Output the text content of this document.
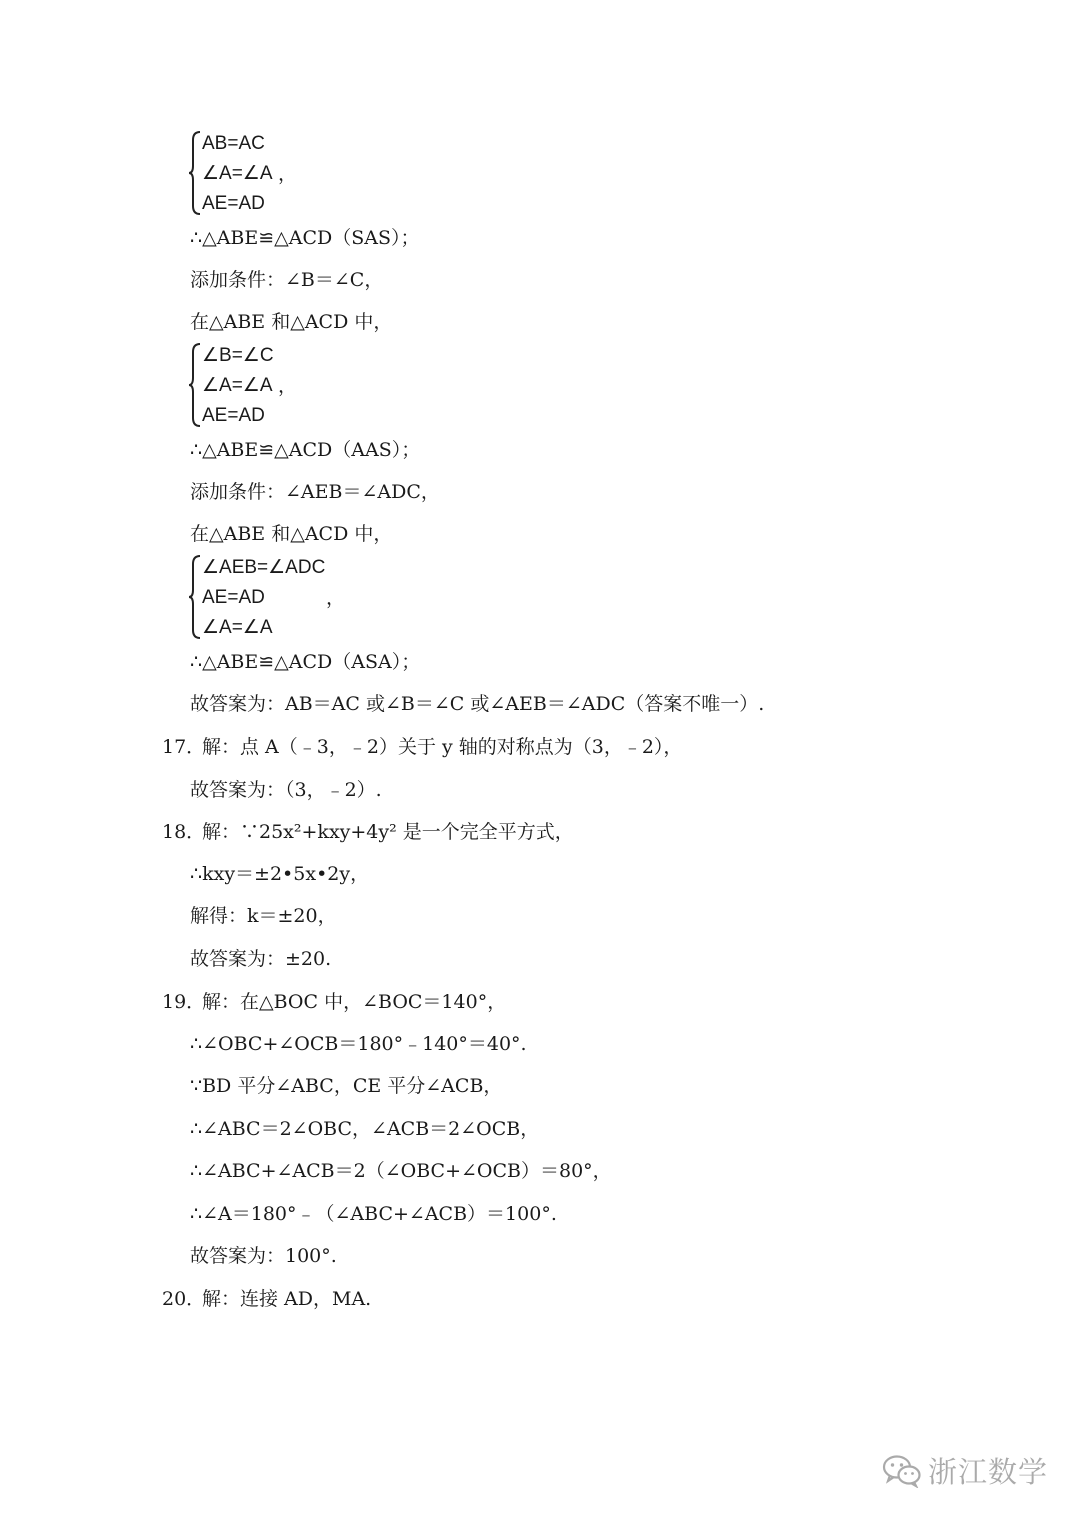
AB=AC
∠A=∠A
AE=AD
，
∴△ABE≌△ACD（SAS）；
添加条件：∠B＝∠C，
在△ABE 和△ACD 中，
∠B=∠C
∠A=∠A
AE=AD
，
∴△ABE≌△ACD（AAS）；
添加条件：∠AEB＝∠ADC，
在△ABE 和△ACD 中，
∠AEB=∠ADC
AE=AD
∠A=∠A
，
∴△ABE≌△ACD（ASA）；
故答案为：AB＝AC 或∠B＝∠C 或∠AEB＝∠ADC（答案不唯一）.
17．
解：点 A（﹣3，﹣2）关于 y 轴的对称点为（3，﹣2），
故答案为：（3，﹣2）.
18．
解：∵25x²+kxy+4y² 是一个完全平方式，
∴kxy＝±2•5x•2y，
解得：k＝±20，
故答案为：±20.
19．
解：在△BOC 中，∠BOC＝140°，
∴∠OBC+∠OCB＝180°﹣140°＝40°.
∵BD 平分∠ABC，CE 平分∠ACB，
∴∠ABC＝2∠OBC，∠ACB＝2∠OCB，
∴∠ABC+∠ACB＝2（∠OBC+∠OCB）＝80°，
∴∠A＝180°﹣（∠ABC+∠ACB）＝100°.
故答案为：100°.
20．
解：连接 AD，MA.
浙江数学
